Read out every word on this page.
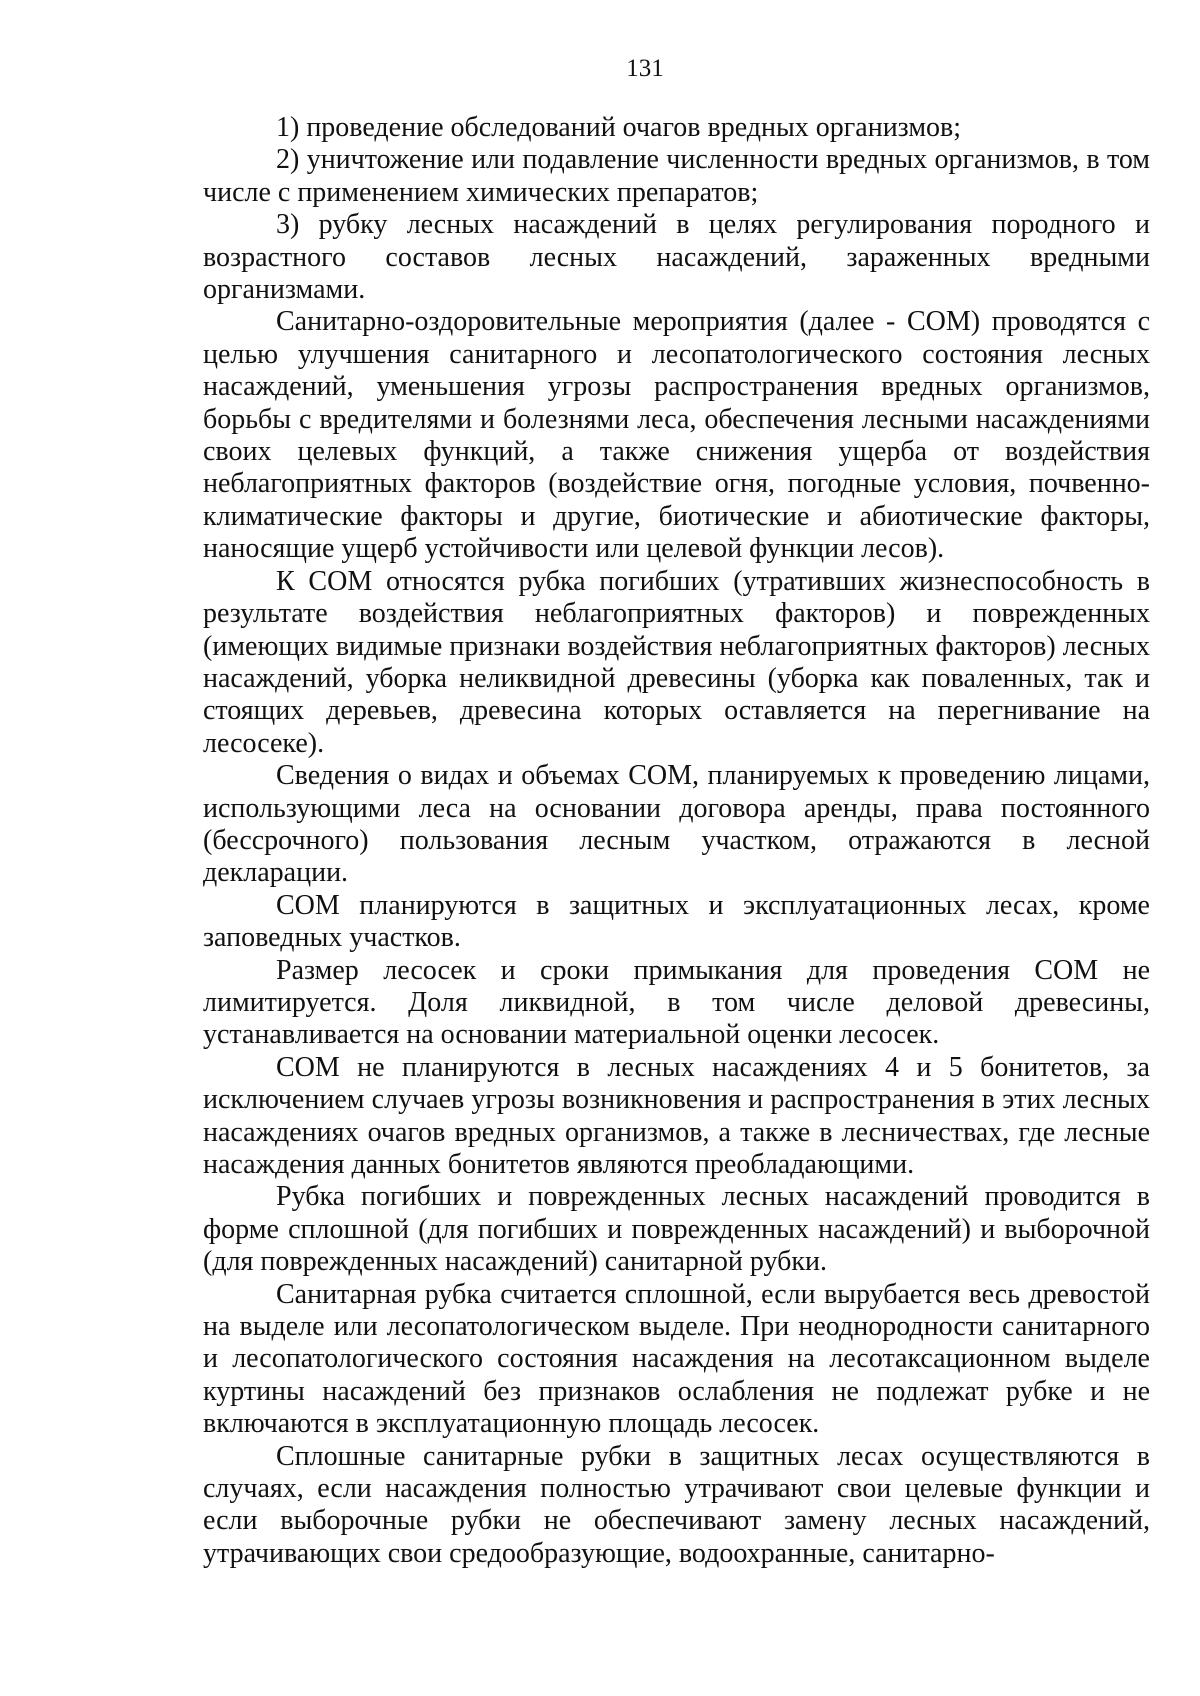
131

1) проведение обследований очагов вредных организмов;

2) уничтожение или подавление численности вредных организмов, в том числе с применением химических препаратов;

3) рубку лесных насаждений в целях регулирования породного и возрастного составов лесных насаждений, зараженных вредными организмами.

Санитарно-оздоровительные мероприятия (далее - СОМ) проводятся с целью улучшения санитарного и лесопатологического состояния лесных насаждений, уменьшения угрозы распространения вредных организмов, борьбы с вредителями и болезнями леса, обеспечения лесными насаждениями своих целевых функций, а также снижения ущерба от воздействия неблагоприятных факторов (воздействие огня, погодные условия, почвенно-климатические факторы и другие, биотические и абиотические факторы, наносящие ущерб устойчивости или целевой функции лесов).

К СОМ относятся рубка погибших (утративших жизнеспособность в результате воздействия неблагоприятных факторов) и поврежденных (имеющих видимые признаки воздействия неблагоприятных факторов) лесных насаждений, уборка неликвидной древесины (уборка как поваленных, так и стоящих деревьев, древесина которых оставляется на перегнивание на лесосеке).

Сведения о видах и объемах СОМ, планируемых к проведению лицами, использующими леса на основании договора аренды, права постоянного (бессрочного) пользования лесным участком, отражаются в лесной декларации.

СОМ планируются в защитных и эксплуатационных лесах, кроме заповедных участков.

Размер лесосек и сроки примыкания для проведения СОМ не лимитируется. Доля ликвидной, в том числе деловой древесины, устанавливается на основании материальной оценки лесосек.

СОМ не планируются в лесных насаждениях 4 и 5 бонитетов, за исключением случаев угрозы возникновения и распространения в этих лесных насаждениях очагов вредных организмов, а также в лесничествах, где лесные насаждения данных бонитетов являются преобладающими.

Рубка погибших и поврежденных лесных насаждений проводится в форме сплошной (для погибших и поврежденных насаждений) и выборочной (для поврежденных насаждений) санитарной рубки.

Санитарная рубка считается сплошной, если вырубается весь древостой на выделе или лесопатологическом выделе. При неоднородности санитарного и лесопатологического состояния насаждения на лесотаксационном выделе куртины насаждений без признаков ослабления не подлежат рубке и не включаются в эксплуатационную площадь лесосек.

Сплошные санитарные рубки в защитных лесах осуществляются в случаях, если насаждения полностью утрачивают свои целевые функции и если выборочные рубки не обеспечивают замену лесных насаждений, утрачивающих свои средообразующие, водоохранные, санитарно-
